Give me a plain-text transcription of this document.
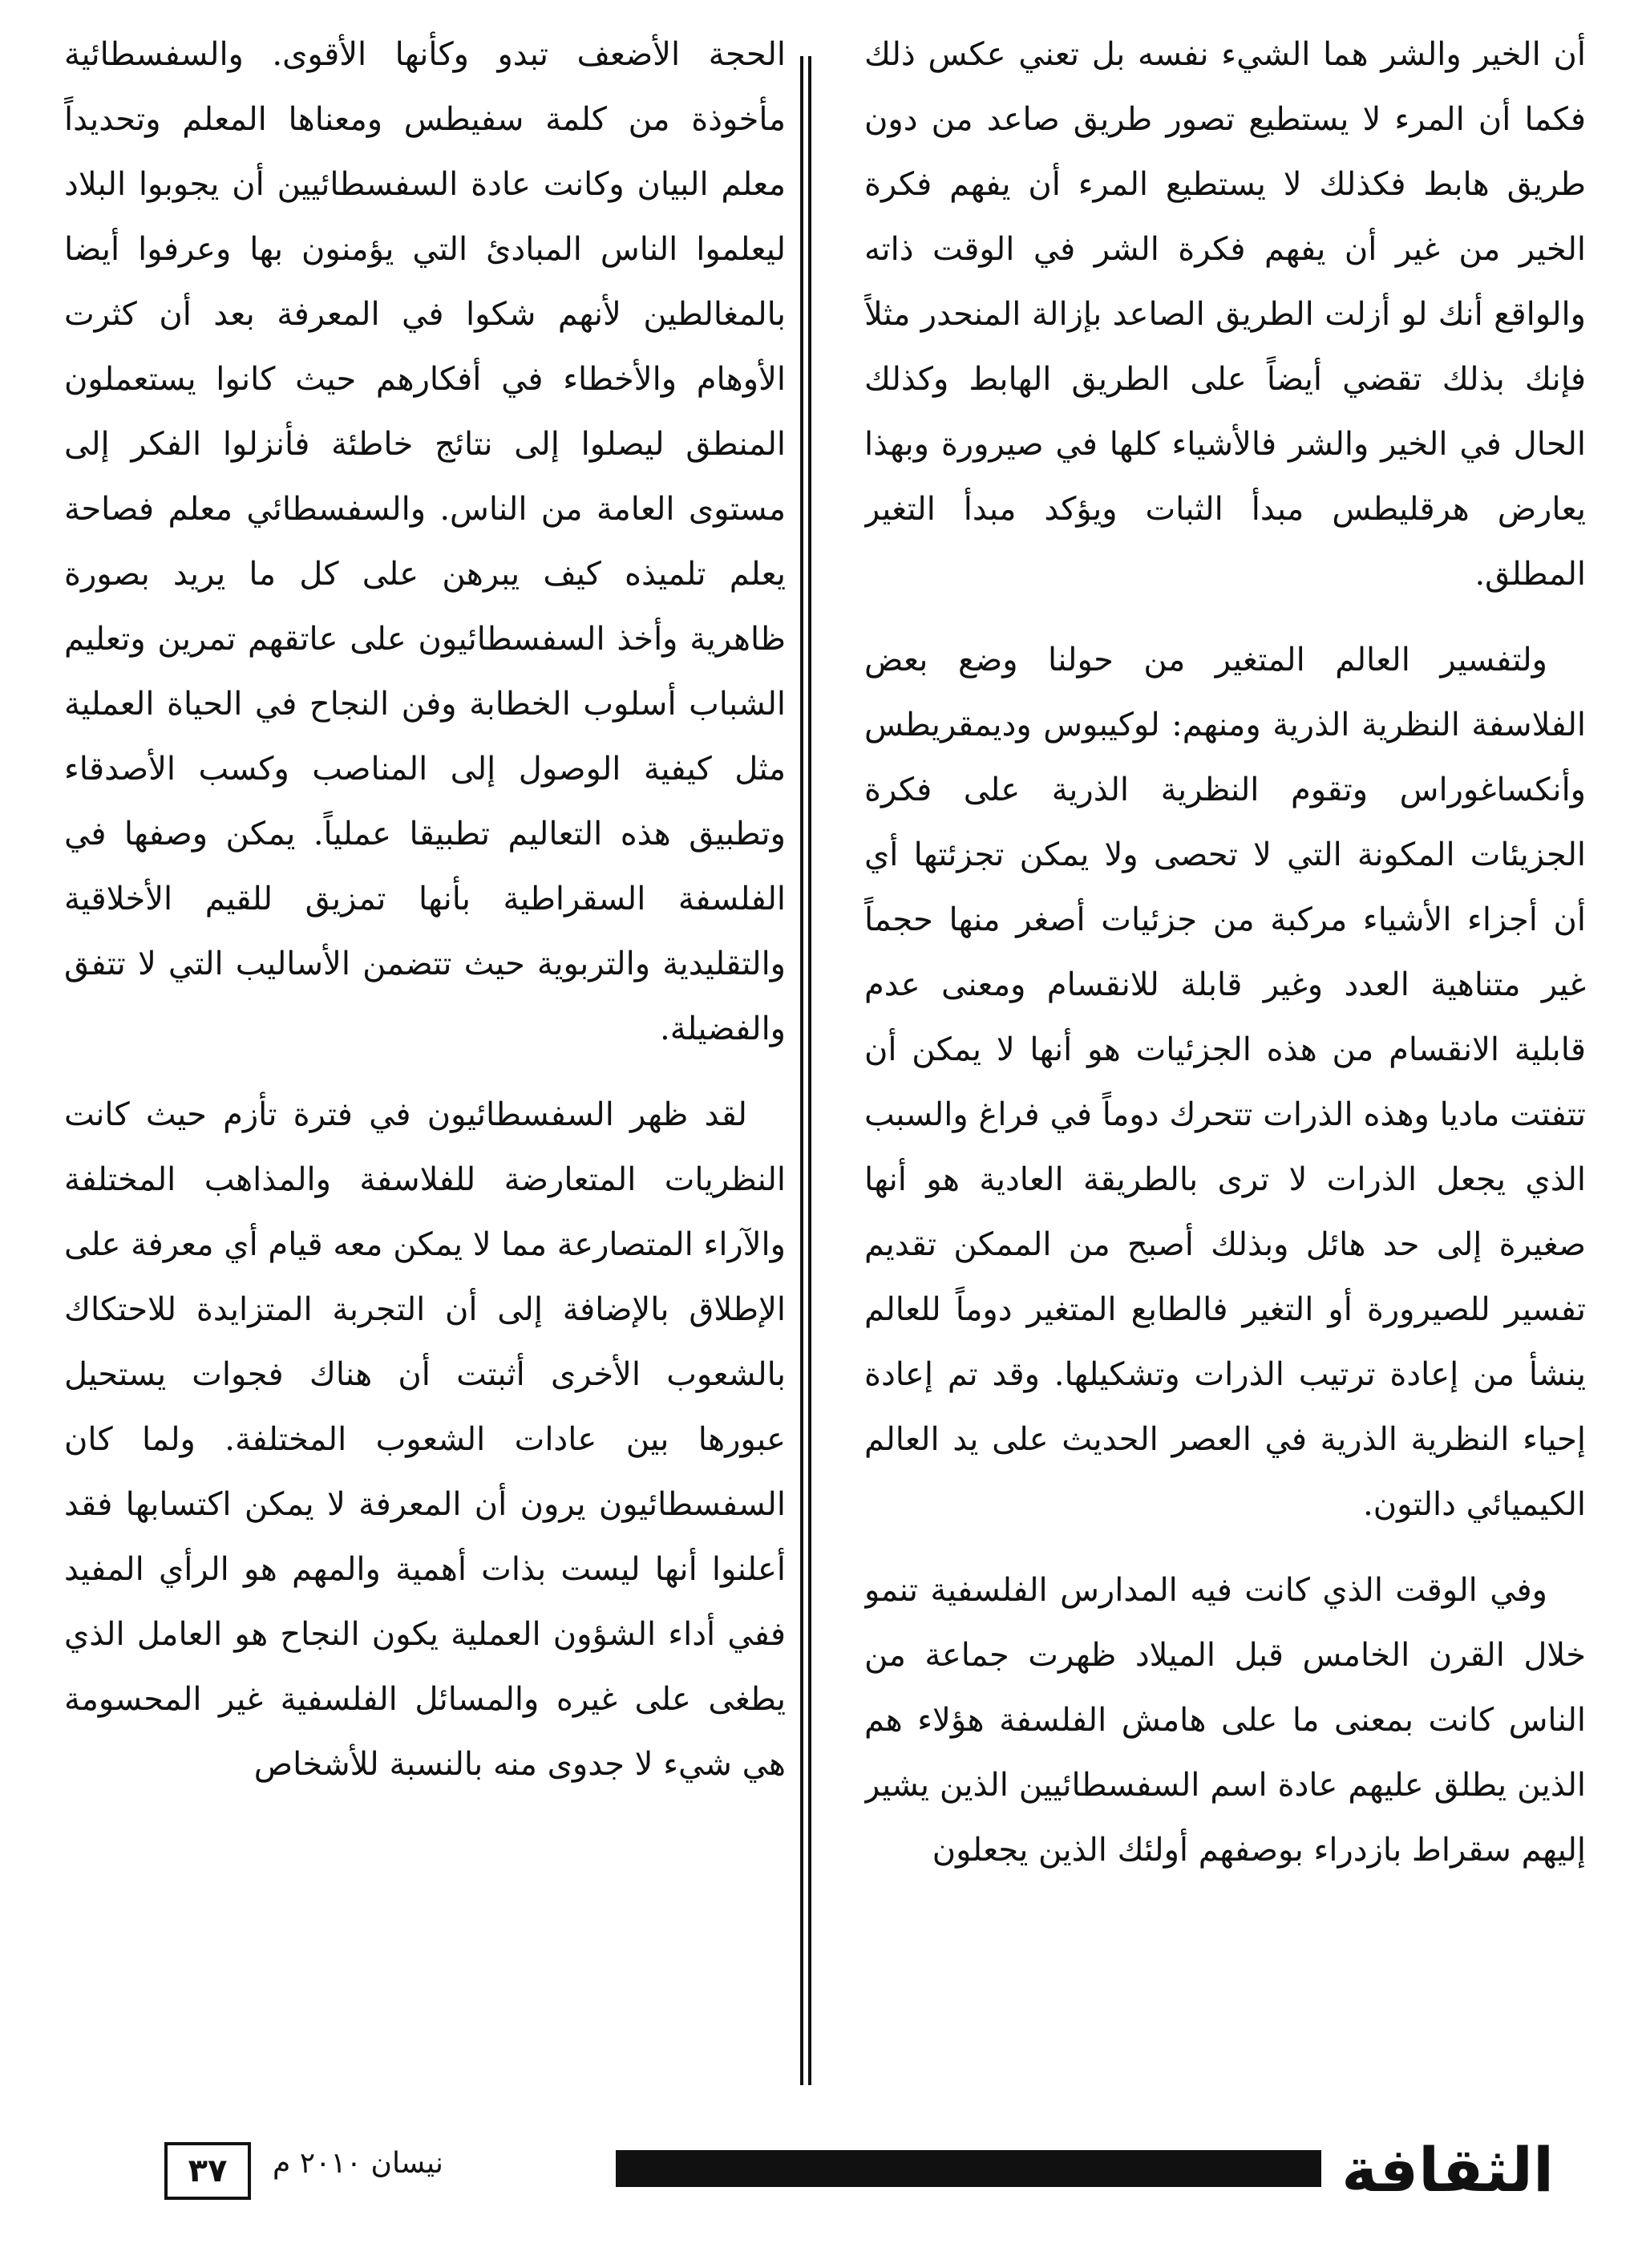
أن الخير والشر هما الشيء نفسه بل تعني عكس ذلك فكما أن المرء لا يستطيع تصور طريق صاعد من دون طريق هابط فكذلك لا يستطيع المرء أن يفهم فكرة الخير من غير أن يفهم فكرة الشر في الوقت ذاته والواقع أنك لو أزلت الطريق الصاعد بإزالة المنحدر مثلاً فإنك بذلك تقضي أيضاً على الطريق الهابط وكذلك الحال في الخير والشر فالأشياء كلها في صيرورة وبهذا يعارض هرقليطس مبدأ الثبات ويؤكد مبدأ التغير المطلق.

ولتفسير العالم المتغير من حولنا وضع بعض الفلاسفة النظرية الذرية ومنهم: لوكيبوس وديمقريطس وأنكساغوراس وتقوم النظرية الذرية على فكرة الجزيئات المكونة التي لا تحصى ولا يمكن تجزئتها أي أن أجزاء الأشياء مركبة من جزئيات أصغر منها حجماً غير متناهية العدد وغير قابلة للانقسام ومعنى عدم قابلية الانقسام من هذه الجزئيات هو أنها لا يمكن أن تتفتت ماديا وهذه الذرات تتحرك دوماً في فراغ والسبب الذي يجعل الذرات لا ترى بالطريقة العادية هو أنها صغيرة إلى حد هائل وبذلك أصبح من الممكن تقديم تفسير للصيرورة أو التغير فالطابع المتغير دوماً للعالم ينشأ من إعادة ترتيب الذرات وتشكيلها. وقد تم إعادة إحياء النظرية الذرية في العصر الحديث على يد العالم الكيميائي دالتون.

وفي الوقت الذي كانت فيه المدارس الفلسفية تنمو خلال القرن الخامس قبل الميلاد ظهرت جماعة من الناس كانت بمعنى ما على هامش الفلسفة هؤلاء هم الذين يطلق عليهم عادة اسم السفسطائيين الذين يشير إليهم سقراط بازدراء بوصفهم أولئك الذين يجعلون

الحجة الأضعف تبدو وكأنها الأقوى. والسفسطائية مأخوذة من كلمة سفيطس ومعناها المعلم وتحديداً معلم البيان وكانت عادة السفسطائيين أن يجوبوا البلاد ليعلموا الناس المبادئ التي يؤمنون بها وعرفوا أيضا بالمغالطين لأنهم شكوا في المعرفة بعد أن كثرت الأوهام والأخطاء في أفكارهم حيث كانوا يستعملون المنطق ليصلوا إلى نتائج خاطئة فأنزلوا الفكر إلى مستوى العامة من الناس. والسفسطائي معلم فصاحة يعلم تلميذه كيف يبرهن على كل ما يريد بصورة ظاهرية وأخذ السفسطائيون على عاتقهم تمرين وتعليم الشباب أسلوب الخطابة وفن النجاح في الحياة العملية مثل كيفية الوصول إلى المناصب وكسب الأصدقاء وتطبيق هذه التعاليم تطبيقا عملياً. يمكن وصفها في الفلسفة السقراطية بأنها تمزيق للقيم الأخلاقية والتقليدية والتربوية حيث تتضمن الأساليب التي لا تتفق والفضيلة.

لقد ظهر السفسطائيون في فترة تأزم حيث كانت النظريات المتعارضة للفلاسفة والمذاهب المختلفة والآراء المتصارعة مما لا يمكن معه قيام أي معرفة على الإطلاق بالإضافة إلى أن التجربة المتزايدة للاحتكاك بالشعوب الأخرى أثبتت أن هناك فجوات يستحيل عبورها بين عادات الشعوب المختلفة. ولما كان السفسطائيون يرون أن المعرفة لا يمكن اكتسابها فقد أعلنوا أنها ليست بذات أهمية والمهم هو الرأي المفيد ففي أداء الشؤون العملية يكون النجاح هو العامل الذي يطغى على غيره والمسائل الفلسفية غير المحسومة هي شيء لا جدوى منه بالنسبة للأشخاص

الثقافة
نيسان ٢٠١٠ م
٣٧
